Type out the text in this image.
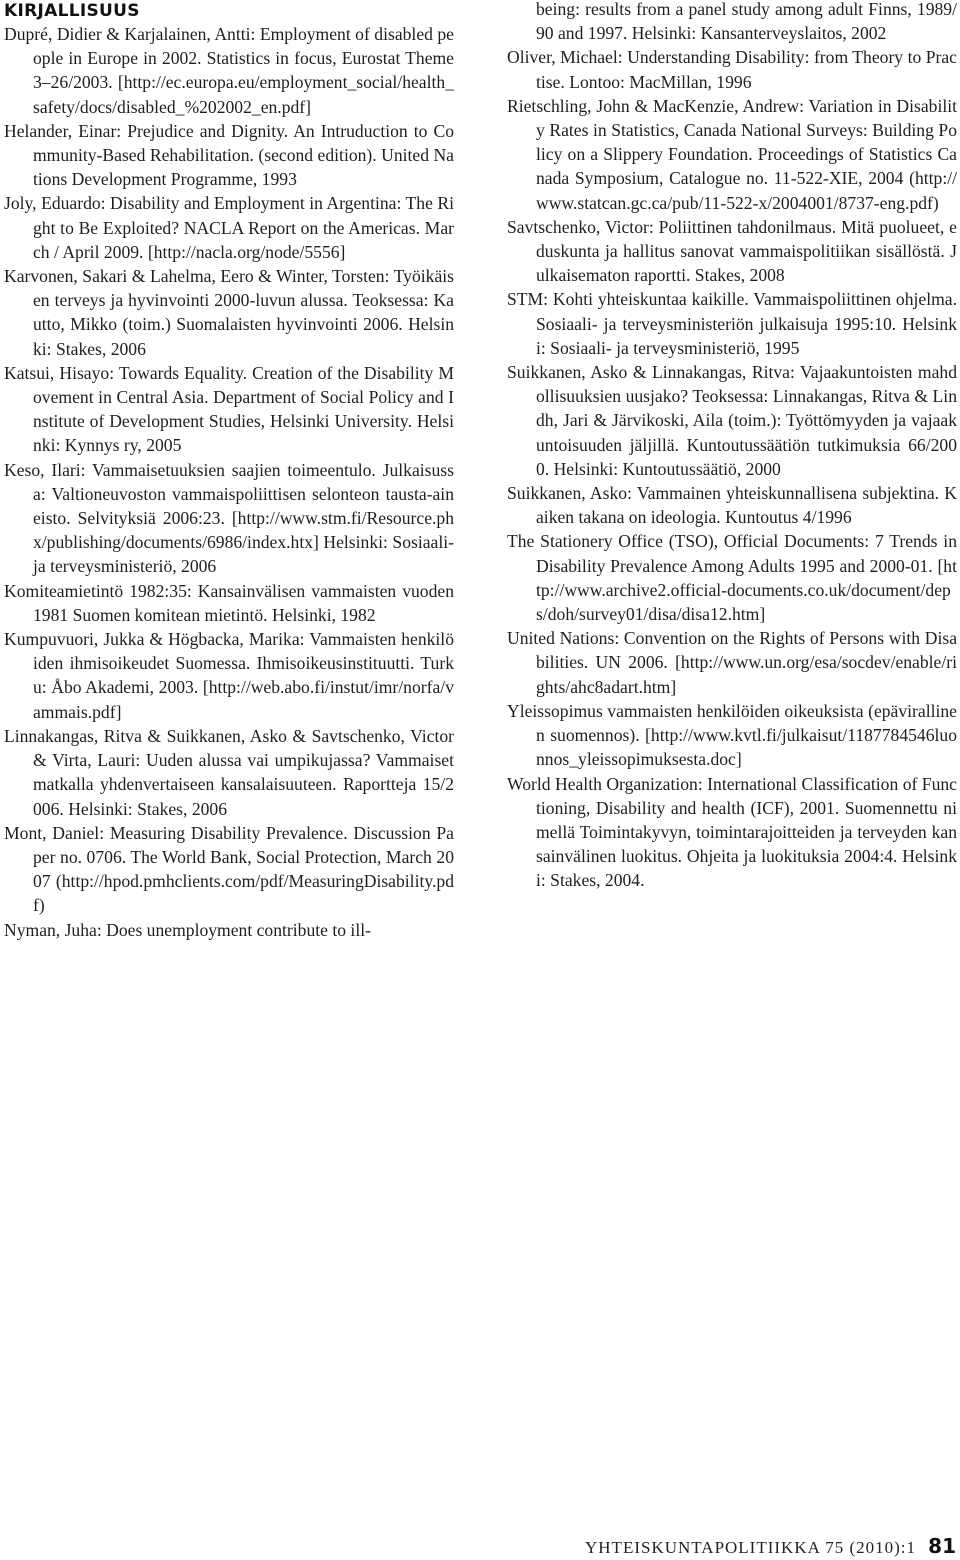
KIRJALLISUUS
Dupré, Didier & Karjalainen, Antti: Employment of disabled people in Europe in 2002. Statistics in focus, Eurostat Theme 3–26/2003. [http://ec.europa.eu/employment_social/health_safety/docs/disabled_%202002_en.pdf]
Helander, Einar: Prejudice and Dignity. An Intruduction to Community-Based Rehabilitation. (second edition). United Nations Development Programme, 1993
Joly, Eduardo: Disability and Employment in Argentina: The Right to Be Exploited? NACLA Report on the Americas. March / April 2009. [http://nacla.org/node/5556]
Karvonen, Sakari & Lahelma, Eero & Winter, Torsten: Työikäisen terveys ja hyvinvointi 2000-luvun alussa. Teoksessa: Kautto, Mikko (toim.) Suomalaisten hyvinvointi 2006. Helsinki: Stakes, 2006
Katsui, Hisayo: Towards Equality. Creation of the Disability Movement in Central Asia. Department of Social Policy and Institute of Development Studies, Helsinki University. Helsinki: Kynnys ry, 2005
Keso, Ilari: Vammaisetuuksien saajien toimeentulo. Julkaisussa: Valtioneuvoston vammaispoliittisen selonteon tausta-aineisto. Selvityksiä 2006:23. [http://www.stm.fi/Resource.phx/publishing/documents/6986/index.htx] Helsinki: Sosiaali- ja terveysministeriö, 2006
Komiteamietintö 1982:35: Kansainvälisen vammaisten vuoden 1981 Suomen komitean mietintö. Helsinki, 1982
Kumpuvuori, Jukka & Högbacka, Marika: Vammaisten henkilöiden ihmisoikeudet Suomessa. Ihmisoikeusinstituutti. Turku: Åbo Akademi, 2003. [http://web.abo.fi/instut/imr/norfa/vammais.pdf]
Linnakangas, Ritva & Suikkanen, Asko & Savtschenko, Victor & Virta, Lauri: Uuden alussa vai umpikujassa? Vammaiset matkalla yhdenvertaiseen kansalaisuuteen. Raportteja 15/2006. Helsinki: Stakes, 2006
Mont, Daniel: Measuring Disability Prevalence. Discussion Paper no. 0706. The World Bank, Social Protection, March 2007 (http://hpod.pmhclients.com/pdf/MeasuringDisability.pdf)
Nyman, Juha: Does unemployment contribute to ill-
being: results from a panel study among adult Finns, 1989/90 and 1997. Helsinki: Kansanterveyslaitos, 2002
Oliver, Michael: Understanding Disability: from Theory to Practise. Lontoo: MacMillan, 1996
Rietschling, John & MacKenzie, Andrew: Variation in Disability Rates in Statistics, Canada National Surveys: Building Policy on a Slippery Foundation. Proceedings of Statistics Canada Symposium, Catalogue no. 11-522-XIE, 2004 (http://www.statcan.gc.ca/pub/11-522-x/2004001/8737-eng.pdf)
Savtschenko, Victor: Poliittinen tahdonilmaus. Mitä puolueet, eduskunta ja hallitus sanovat vammaispolitiikan sisällöstä. Julkaisematon raportti. Stakes, 2008
STM: Kohti yhteiskuntaa kaikille. Vammaispoliittinen ohjelma. Sosiaali- ja terveysministeriön julkaisuja 1995:10. Helsinki: Sosiaali- ja terveysministeriö, 1995
Suikkanen, Asko & Linnakangas, Ritva: Vajaakuntoisten mahdollisuuksien uusjako? Teoksessa: Linnakangas, Ritva & Lindh, Jari & Järvikoski, Aila (toim.): Työttömyyden ja vajaakuntoisuuden jäljillä. Kuntoutussäätiön tutkimuksia 66/2000. Helsinki: Kuntoutussäätiö, 2000
Suikkanen, Asko: Vammainen yhteiskunnallisena subjektina. Kaiken takana on ideologia. Kuntoutus 4/1996
The Stationery Office (TSO), Official Documents: 7 Trends in Disability Prevalence Among Adults 1995 and 2000-01. [http://www.archive2.official-documents.co.uk/document/deps/doh/survey01/disa/disa12.htm]
United Nations: Convention on the Rights of Persons with Disabilities. UN 2006. [http://www.un.org/esa/socdev/enable/rights/ahc8adart.htm]
Yleissopimus vammaisten henkilöiden oikeuksista (epävirallinen suomennos). [http://www.kvtl.fi/julkaisut/1187784546luonnos_yleissopimuksesta.doc]
World Health Organization: International Classification of Functioning, Disability and health (ICF), 2001. Suomennettu nimellä Toimintakyvyn, toimintarajoitteiden ja terveyden kansainvälinen luokitus. Ohjeita ja luokituksia 2004:4. Helsinki: Stakes, 2004.
YHTEISKUNTAPOLITIIKKA 75 (2010):1 81
